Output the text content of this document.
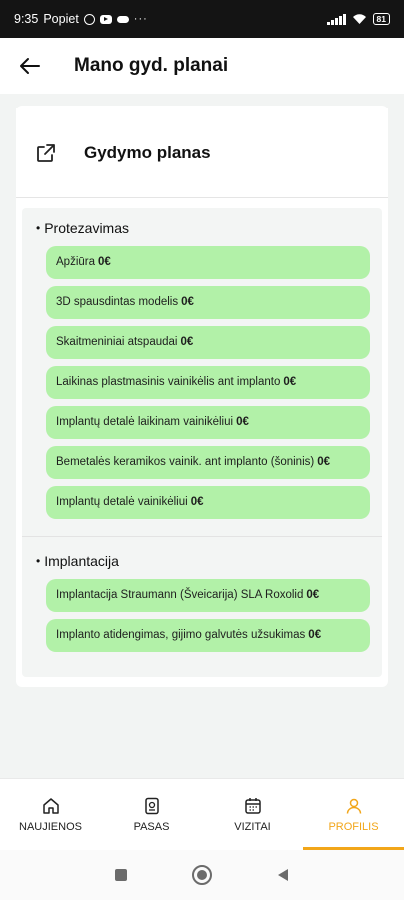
9:35 Popiet	···	81
Mano gyd. planai
Gydymo planas
• Protezavimas
Apžiūra 0€
3D spausdintas modelis 0€
Skaitmeniniai atspaudai 0€
Laikinas plastmasinis vainikėlis ant implanto 0€
Implantų detalė laikinam vainikėliui 0€
Bemetalės keramikos vainik. ant implanto (šoninis) 0€
Implantų detalė vainikėliui 0€
• Implantacija
Implantacija Straumann (Šveicarija) SLA Roxolid 0€
Implanto atidengimas, gijimo galvutės užsukimas 0€
NAUJIENOS	PASAS	VIZITAI	PROFILIS
